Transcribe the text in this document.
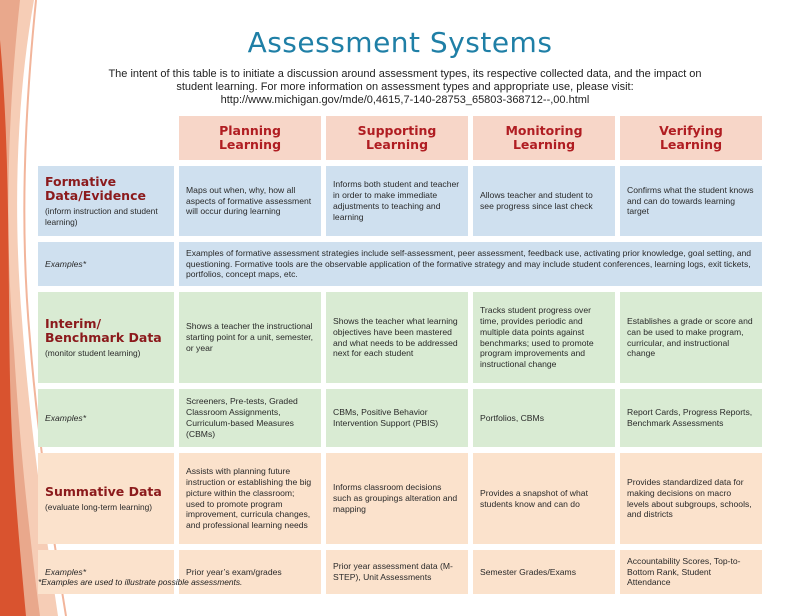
Assessment Systems
The intent of this table is to initiate a discussion around assessment types, its respective collected data, and the impact on student learning. For more information on assessment types and appropriate use, please visit: http://www.michigan.gov/mde/0,4615,7-140-28753_65803-368712--,00.html
Planning Learning
Supporting Learning
Monitoring Learning
Verifying Learning
Formative Data/Evidence
(inform instruction and student learning)
Maps out when, why, how all aspects of formative assessment will occur during learning
Informs both student and teacher in order to make immediate adjustments to teaching and learning
Allows teacher and student to see progress since last check
Confirms what the student knows and can do towards learning target
Examples*
Examples of formative assessment strategies include self-assessment, peer assessment, feedback use, activating prior knowledge, goal setting, and questioning. Formative tools are the observable application of the formative strategy and may include student conferences, learning logs, exit tickets, portfolios, concept maps, etc.
Interim/ Benchmark Data
(monitor student learning)
Shows a teacher the instructional starting point for a unit, semester, or year
Shows the teacher what learning objectives have been mastered and what needs to be addressed next for each student
Tracks student progress over time, provides periodic and multiple data points against benchmarks; used to promote program improvements and instructional change
Establishes a grade or score and can be used to make program, curricular, and instructional change
Examples*
Screeners, Pre-tests, Graded Classroom Assignments, Curriculum-based Measures (CBMs)
CBMs, Positive Behavior Intervention Support (PBIS)
Portfolios, CBMs
Report Cards, Progress Reports, Benchmark Assessments
Summative Data
(evaluate long-term learning)
Assists with planning future instruction or establishing the big picture within the classroom; used to promote program improvement, curricula changes, and professional learning needs
Informs classroom decisions such as groupings alteration and mapping
Provides a snapshot of what students know and can do
Provides standardized data for making decisions on macro levels about subgroups, schools, and districts
Examples*	Prior year’s exam/grades
Prior year assessment data (M-STEP), Unit Assessments
Semester Grades/Exams
Accountability Scores, Top-to-Bottom Rank, Student Attendance
*Examples are used to illustrate possible assessments.
